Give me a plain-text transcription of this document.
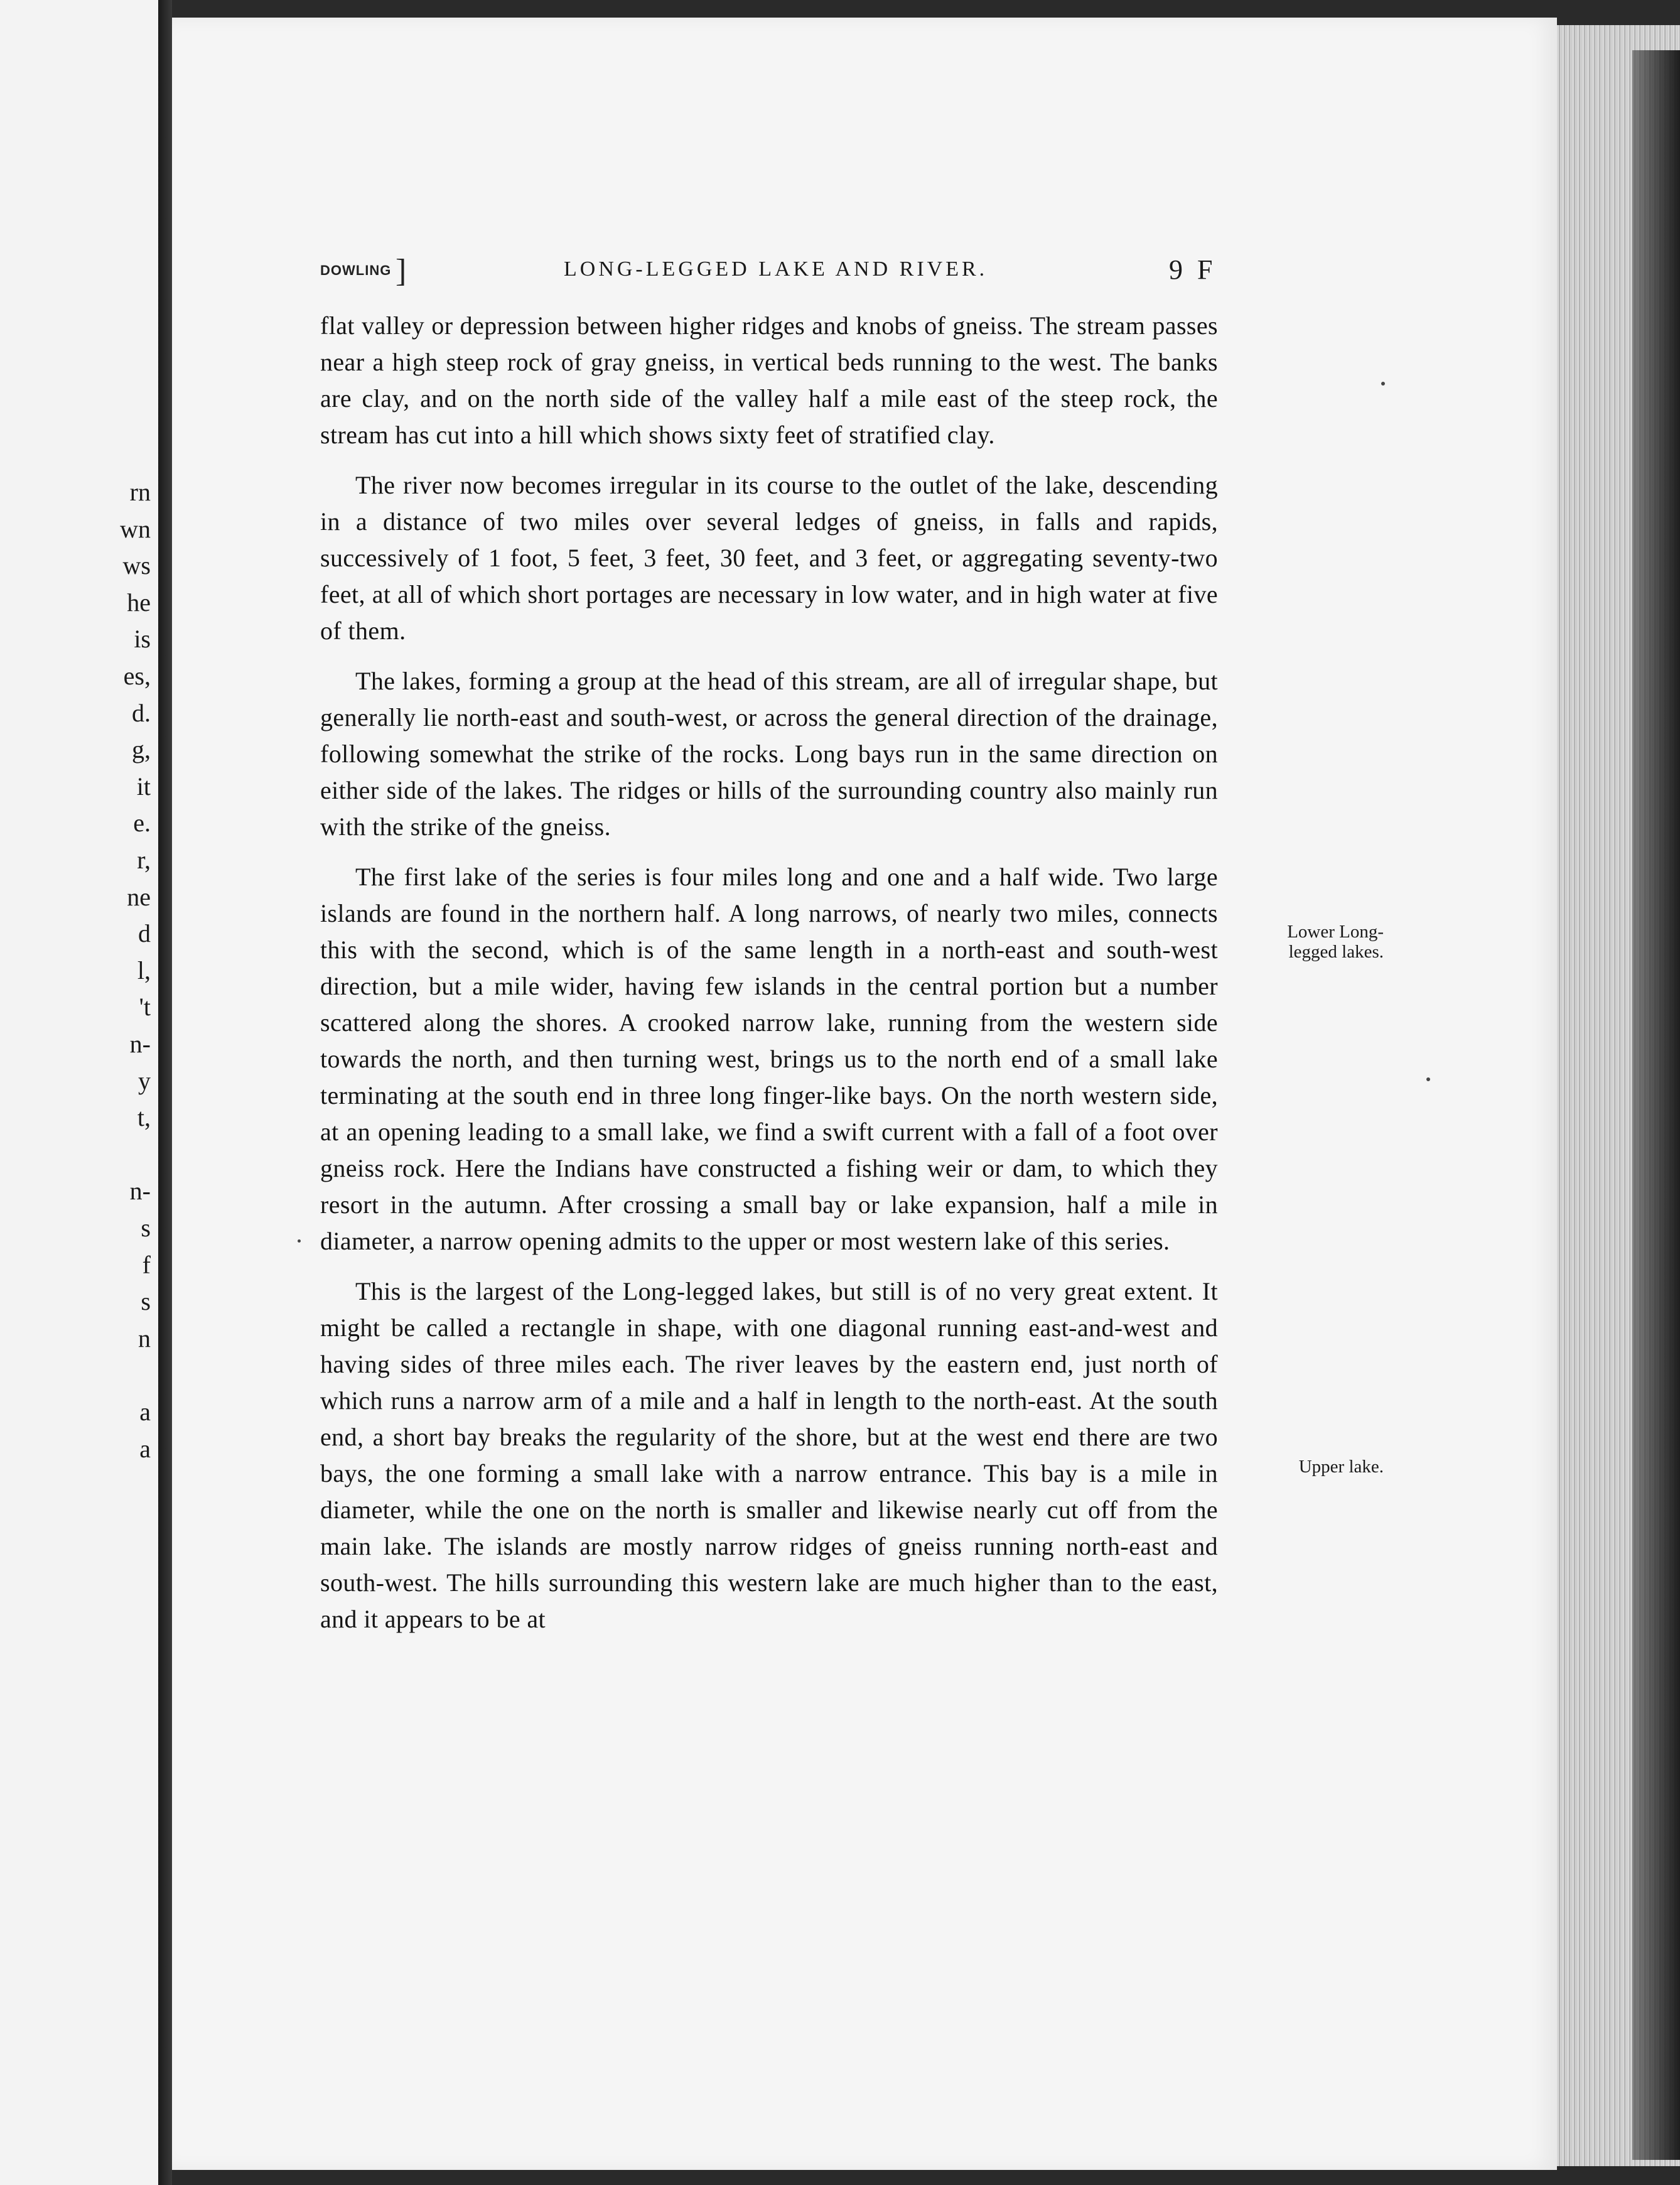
rn
wn
ws
he
is
es,
d.
g,
it
e.
r,
ne
d
l,
't
n-
y
t,
n-
s
f
s
n
a
a
DOWLING ]	LONG-LEGGED LAKE AND RIVER.	9 F

flat valley or depression between higher ridges and knobs of gneiss. The stream passes near a high steep rock of gray gneiss, in vertical beds running to the west. The banks are clay, and on the north side of the valley half a mile east of the steep rock, the stream has cut into a hill which shows sixty feet of stratified clay.

The river now becomes irregular in its course to the outlet of the lake, descending in a distance of two miles over several ledges of gneiss, in falls and rapids, successively of 1 foot, 5 feet, 3 feet, 30 feet, and 3 feet, or aggregating seventy-two feet, at all of which short portages are necessary in low water, and in high water at five of them.

The lakes, forming a group at the head of this stream, are all of irregular shape, but generally lie north-east and south-west, or across the general direction of the drainage, following somewhat the strike of the rocks. Long bays run in the same direction on either side of the lakes. The ridges or hills of the surrounding country also mainly run with the strike of the gneiss.

The first lake of the series is four miles long and one and a half wide. Two large islands are found in the northern half. A long narrows, of nearly two miles, connects this with the second, which is of the same length in a north-east and south-west direction, but a mile wider, having few islands in the central portion but a number scattered along the shores. A crooked narrow lake, running from the western side towards the north, and then turning west, brings us to the north end of a small lake terminating at the south end in three long finger-like bays. On the north western side, at an opening leading to a small lake, we find a swift current with a fall of a foot over gneiss rock. Here the Indians have constructed a fishing weir or dam, to which they resort in the autumn. After crossing a small bay or lake expansion, half a mile in diameter, a narrow opening admits to the upper or most western lake of this series.

This is the largest of the Long-legged lakes, but still is of no very great extent. It might be called a rectangle in shape, with one diagonal running east-and-west and having sides of three miles each. The river leaves by the eastern end, just north of which runs a narrow arm of a mile and a half in length to the north-east. At the south end, a short bay breaks the regularity of the shore, but at the west end there are two bays, the one forming a small lake with a narrow entrance. This bay is a mile in diameter, while the one on the north is smaller and likewise nearly cut off from the main lake. The islands are mostly narrow ridges of gneiss running north-east and south-west. The hills surrounding this western lake are much higher than to the east, and it appears to be at

Lower Long-
legged lakes.
Upper lake.
